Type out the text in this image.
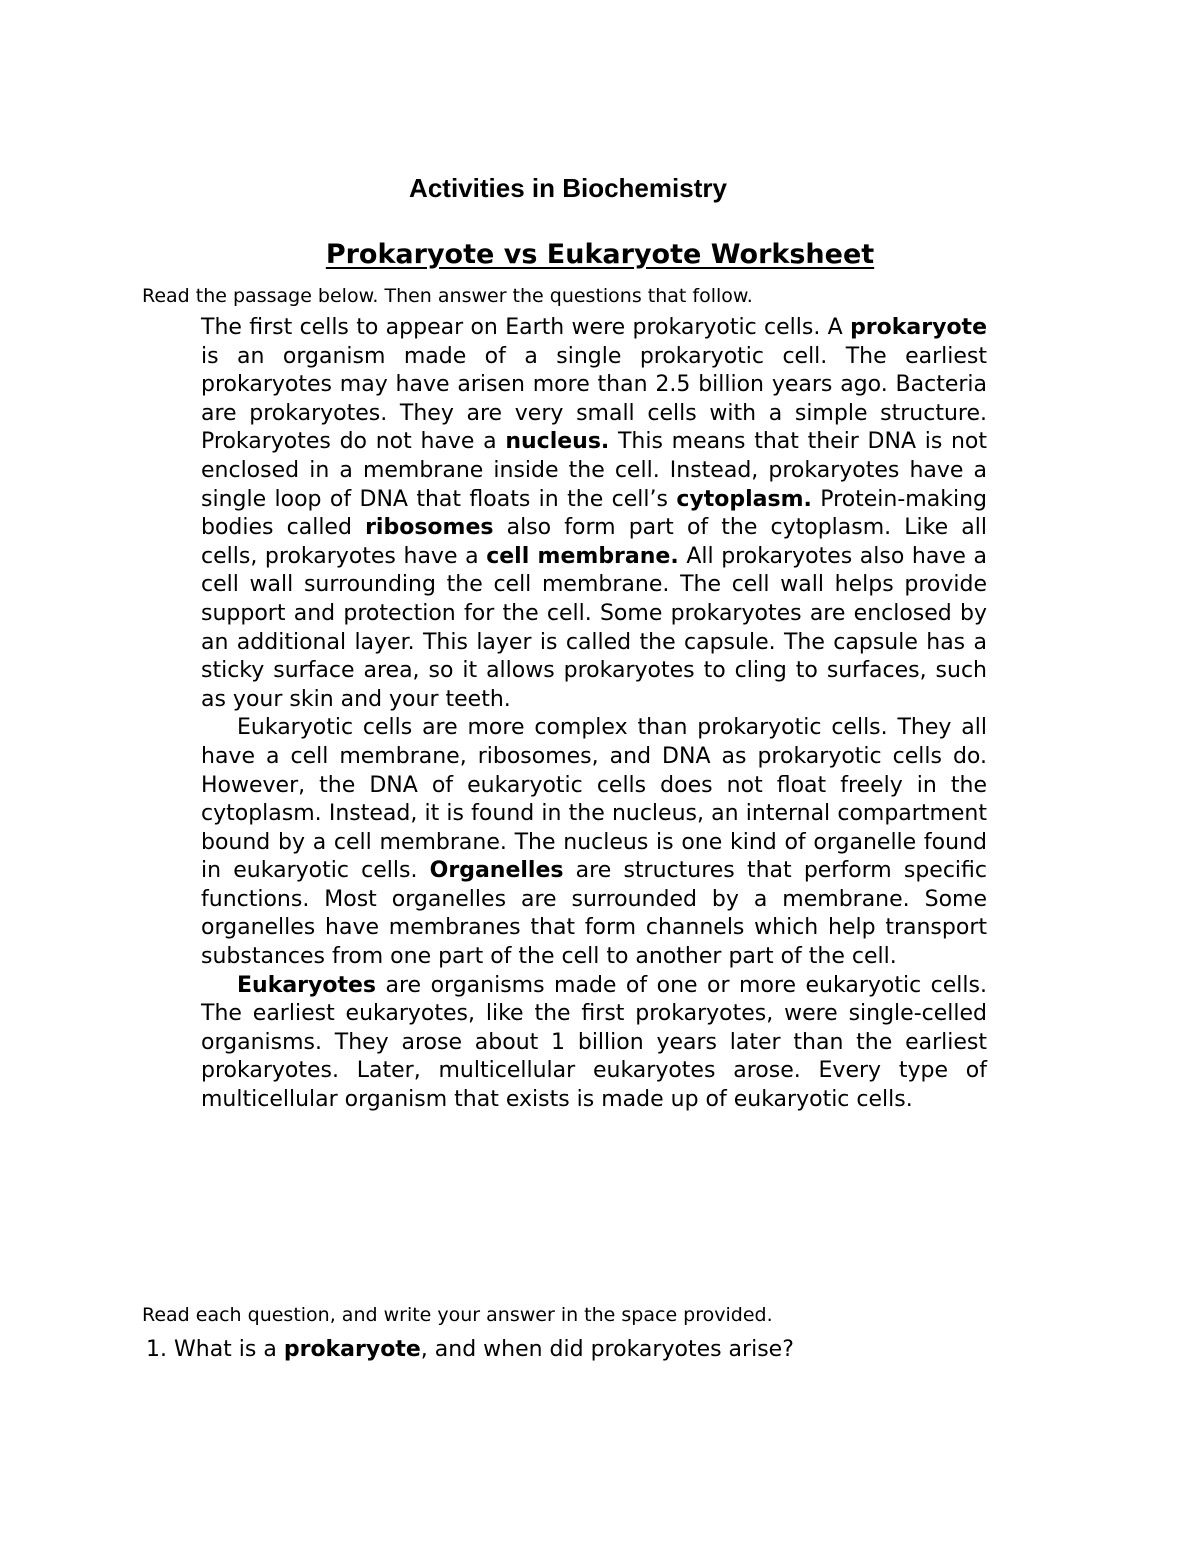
Activities in Biochemistry
Prokaryote vs Eukaryote Worksheet
Read the passage below. Then answer the questions that follow.

The first cells to appear on Earth were prokaryotic cells. A prokaryote is an organism made of a single prokaryotic cell. The earliest prokaryotes may have arisen more than 2.5 billion years ago. Bacteria are prokaryotes. They are very small cells with a simple structure. Prokaryotes do not have a nucleus. This means that their DNA is not enclosed in a membrane inside the cell. Instead, prokaryotes have a single loop of DNA that floats in the cell’s cytoplasm. Protein-making bodies called ribosomes also form part of the cytoplasm. Like all cells, prokaryotes have a cell membrane. All prokaryotes also have a cell wall surrounding the cell membrane. The cell wall helps provide support and protection for the cell. Some prokaryotes are enclosed by an additional layer. This layer is called the capsule. The capsule has a sticky surface area, so it allows prokaryotes to cling to surfaces, such as your skin and your teeth.

Eukaryotic cells are more complex than prokaryotic cells. They all have a cell membrane, ribosomes, and DNA as prokaryotic cells do. However, the DNA of eukaryotic cells does not float freely in the cytoplasm. Instead, it is found in the nucleus, an internal compartment bound by a cell membrane. The nucleus is one kind of organelle found in eukaryotic cells. Organelles are structures that perform specific functions. Most organelles are surrounded by a membrane. Some organelles have membranes that form channels which help transport substances from one part of the cell to another part of the cell.

Eukaryotes are organisms made of one or more eukaryotic cells. The earliest eukaryotes, like the first prokaryotes, were single-celled organisms. They arose about 1 billion years later than the earliest prokaryotes. Later, multicellular eukaryotes arose. Every type of multicellular organism that exists is made up of eukaryotic cells.

Read each question, and write your answer in the space provided.
1. What is a prokaryote, and when did prokaryotes arise?
